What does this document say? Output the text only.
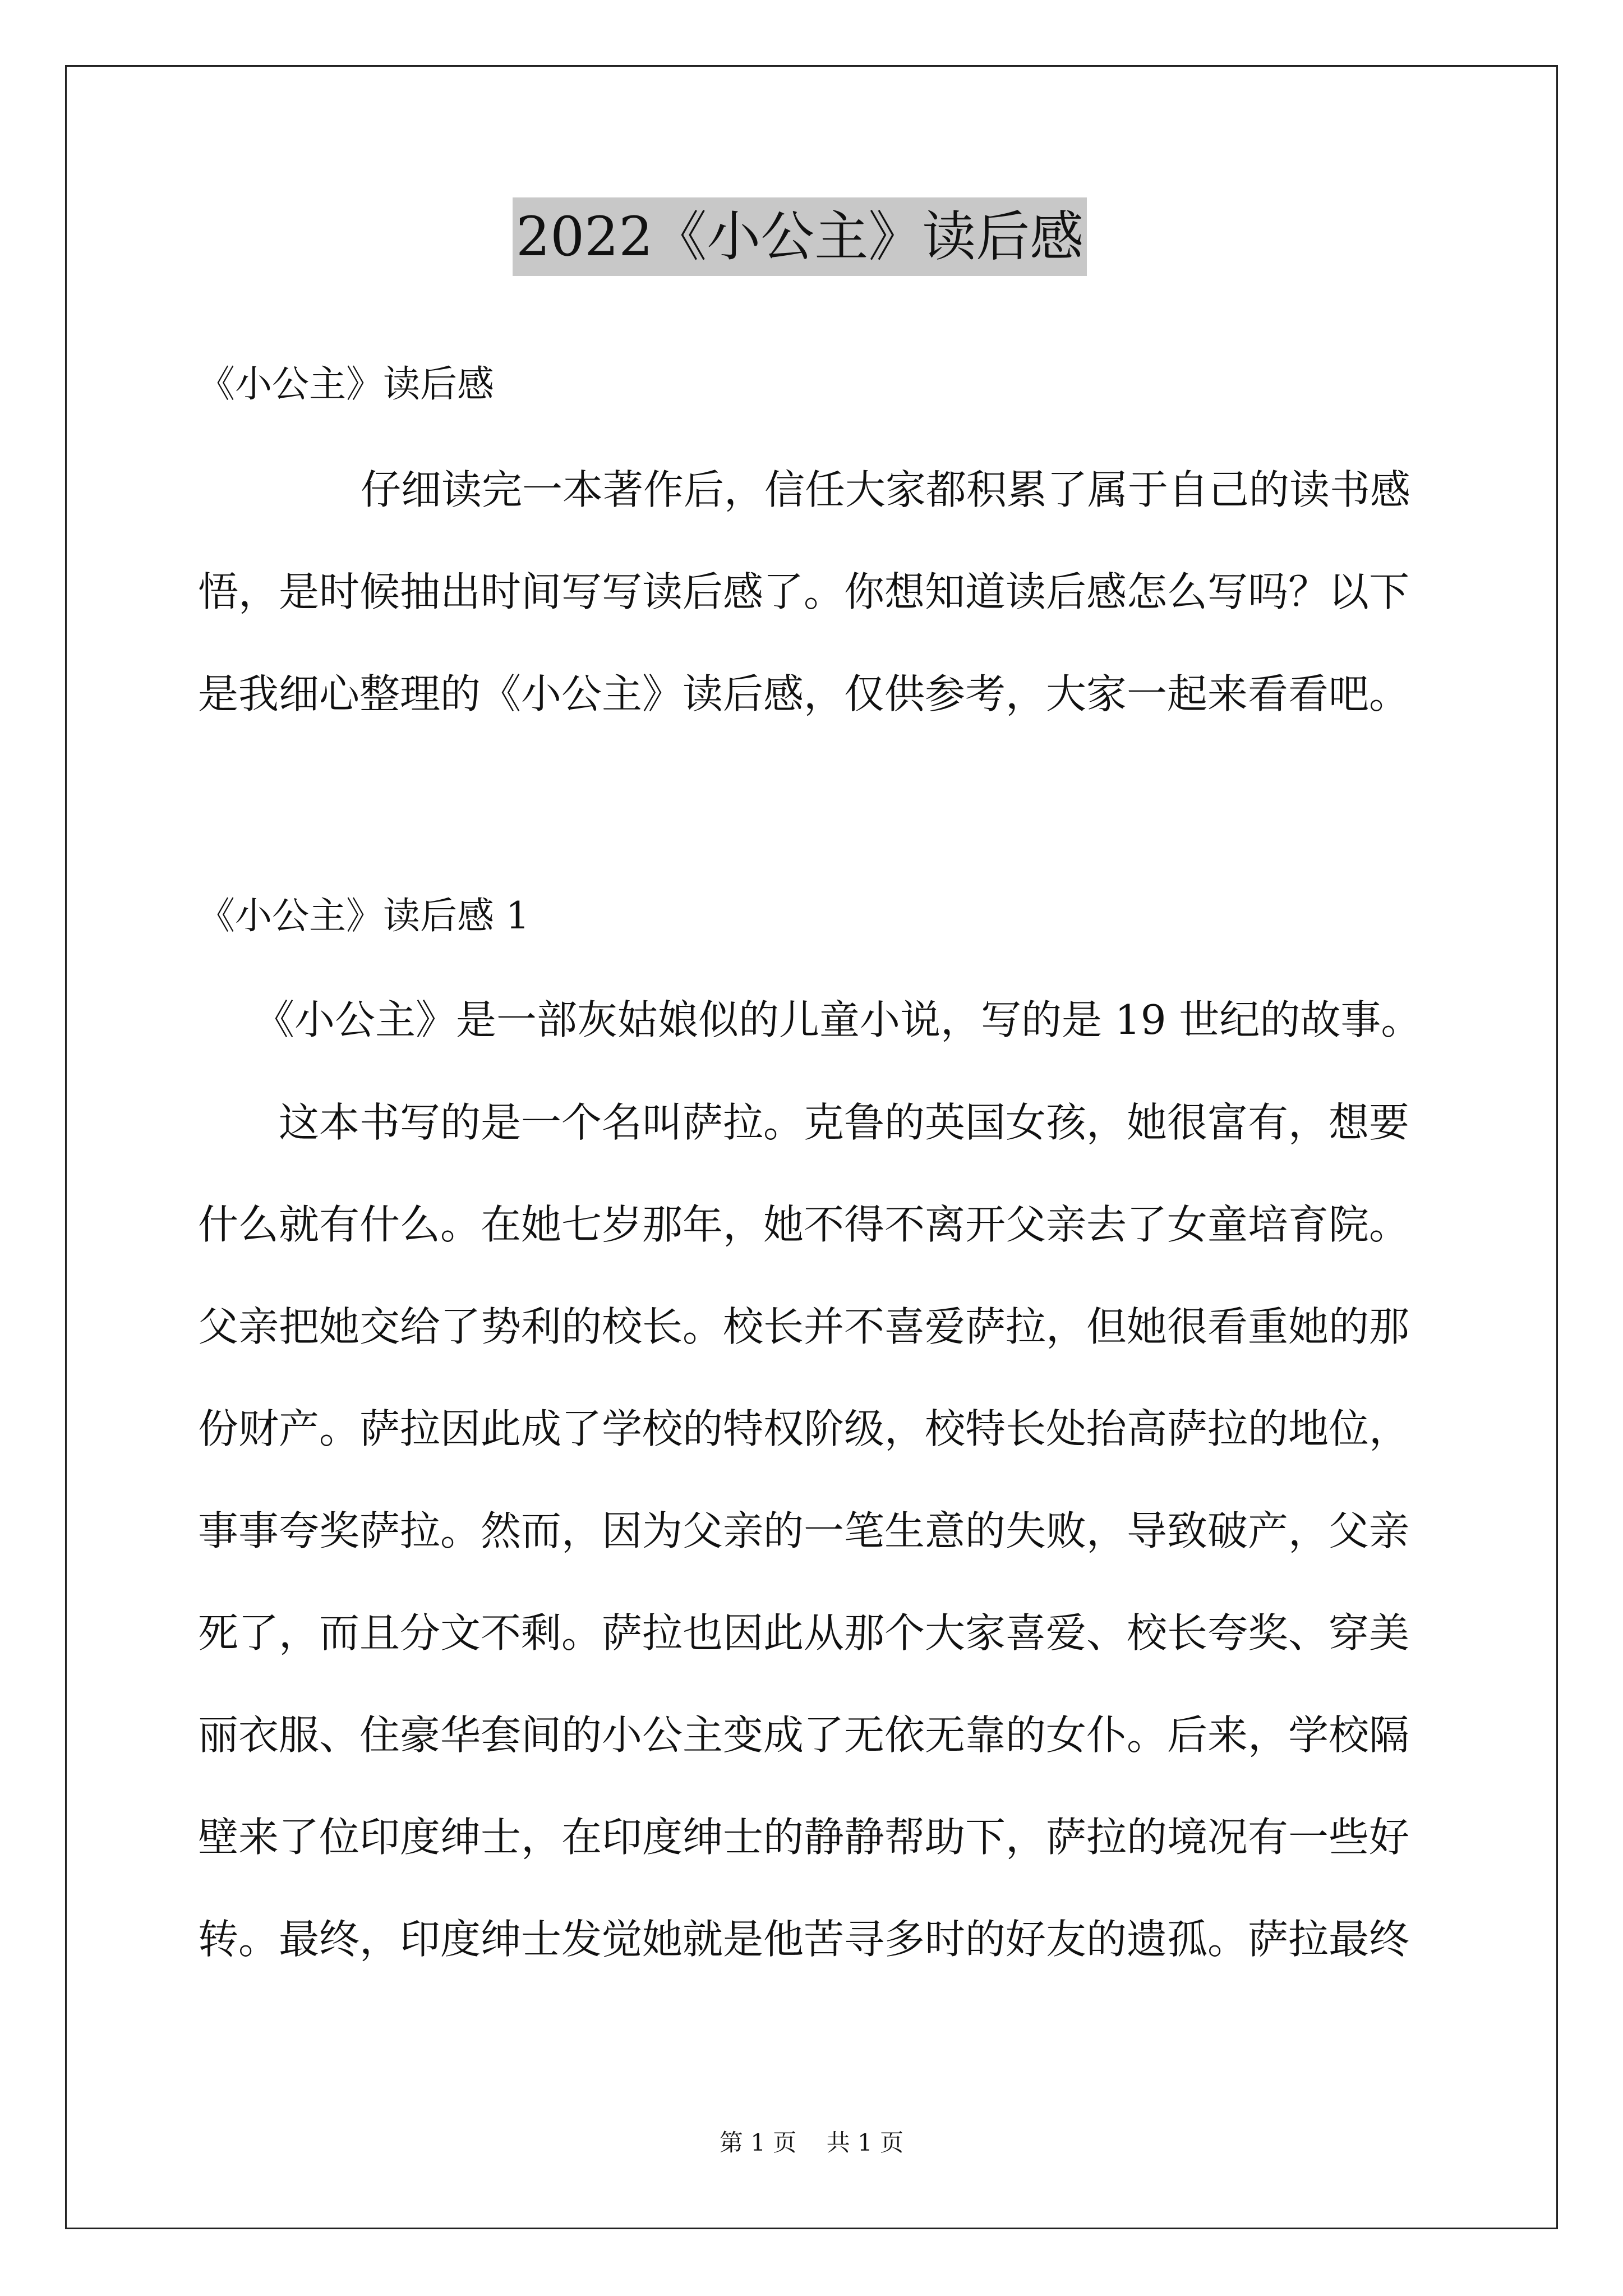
2022《小公主》读后感
《小公主》读后感
仔细读完一本著作后，信任大家都积累了属于自己的读书感
悟，是时候抽出时间写写读后感了。你想知道读后感怎么写吗？以下
是我细心整理的《小公主》读后感，仅供参考，大家一起来看看吧。
《小公主》读后感 1
《小公主》是一部灰姑娘似的儿童小说，写的是 19 世纪的故事。
这本书写的是一个名叫萨拉。克鲁的英国女孩，她很富有，想要
什么就有什么。在她七岁那年，她不得不离开父亲去了女童培育院。
父亲把她交给了势利的校长。校长并不喜爱萨拉，但她很看重她的那
份财产。萨拉因此成了学校的特权阶级，校特长处抬高萨拉的地位，
事事夸奖萨拉。然而，因为父亲的一笔生意的失败，导致破产，父亲
死了，而且分文不剩。萨拉也因此从那个大家喜爱、校长夸奖、穿美
丽衣服、住豪华套间的小公主变成了无依无靠的女仆。后来，学校隔
壁来了位印度绅士，在印度绅士的静静帮助下，萨拉的境况有一些好
转。最终，印度绅士发觉她就是他苦寻多时的好友的遗孤。萨拉最终
第 1 页    共 1 页
